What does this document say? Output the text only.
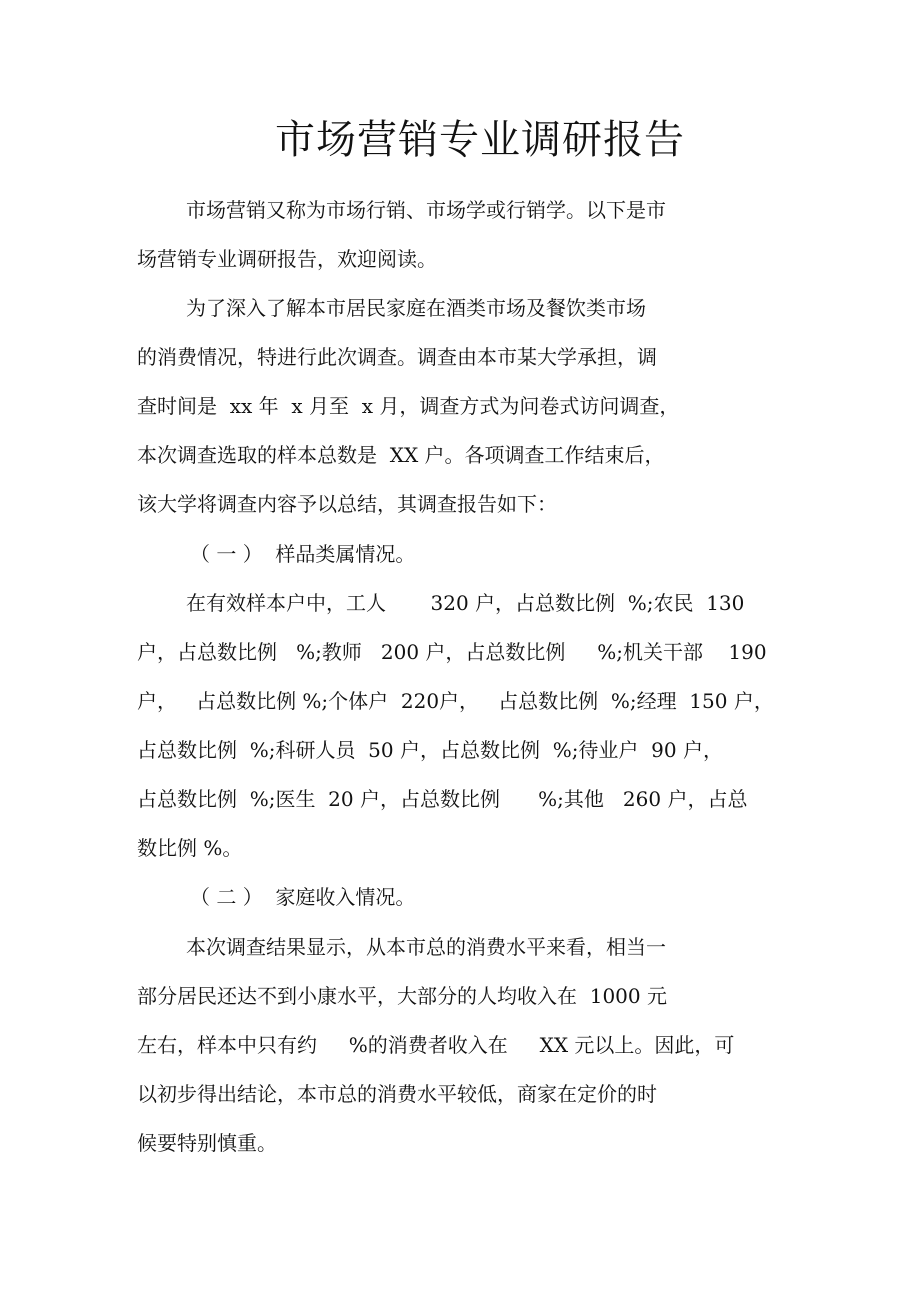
市场营销专业调研报告

市场营销又称为市场行销、市场学或行销学。以下是市

场营销专业调研报告，欢迎阅读。

为了深入了解本市居民家庭在酒类市场及餐饮类市场

的消费情况，特进行此次调查。调查由本市某大学承担，调

查时间是  xx 年  x 月至  x 月，调查方式为问卷式访问调查，

本次调查选取的样本总数是  XX 户。各项调查工作结束后，

该大学将调查内容予以总结，其调查报告如下：

（ 一 ）  样品类属情况。

在有效样本户中，工人       320 户，占总数比例  %;农民  130

户，占总数比例   %;教师   200 户，占总数比例     %;机关干部    190

户，   占总数比例 %;个体户  220户，   占总数比例  %;经理  150 户，

占总数比例  %;科研人员  50 户，占总数比例  %;待业户  90 户，

占总数比例  %;医生  20 户，占总数比例      %;其他   260 户，占总

数比例 %。

（ 二 ）  家庭收入情况。

本次调查结果显示，从本市总的消费水平来看，相当一

部分居民还达不到小康水平，大部分的人均收入在  1000 元

左右，样本中只有约     %的消费者收入在     XX 元以上。因此，可

以初步得出结论，本市总的消费水平较低，商家在定价的时

候要特别慎重。
